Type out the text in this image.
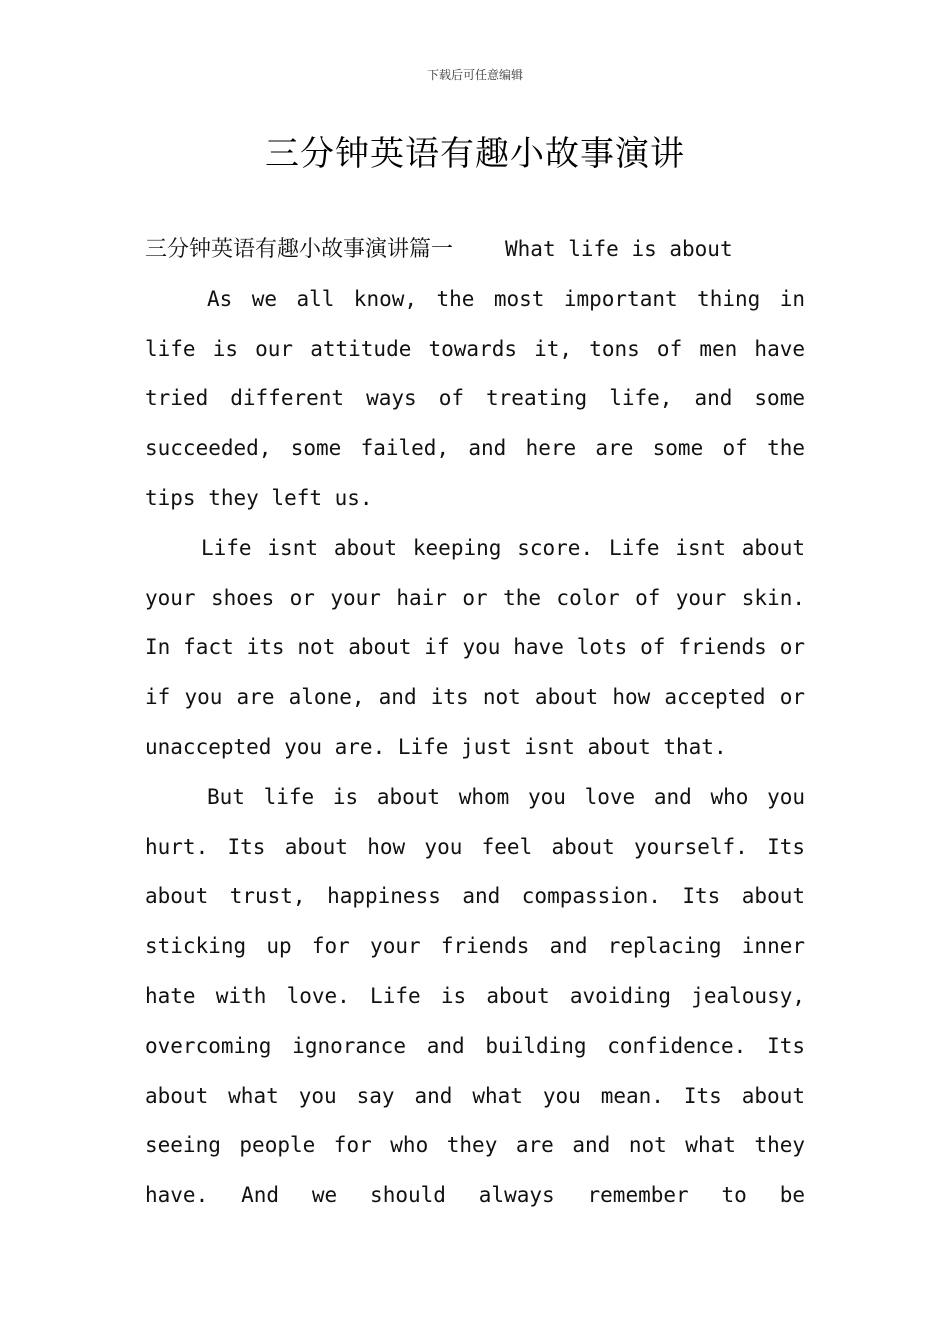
下载后可任意编辑
三分钟英语有趣小故事演讲
三分钟英语有趣小故事演讲篇一 What life is about

As we all know, the most important thing in life is our attitude towards it, tons of men have tried different ways of treating life, and some succeeded, some failed, and here are some of the tips they left us.

Life isnt about keeping score. Life isnt about your shoes or your hair or the color of your skin. In fact its not about if you have lots of friends or if you are alone, and its not about how accepted or unaccepted you are. Life just isnt about that.

But life is about whom you love and who you hurt. Its about how you feel about yourself. Its about trust, happiness and compassion. Its about sticking up for your friends and replacing inner hate with love. Life is about avoiding jealousy, overcoming ignorance and building confidence. Its about what you say and what you mean. Its about seeing people for who they are and not what they have. And we should always remember to be
